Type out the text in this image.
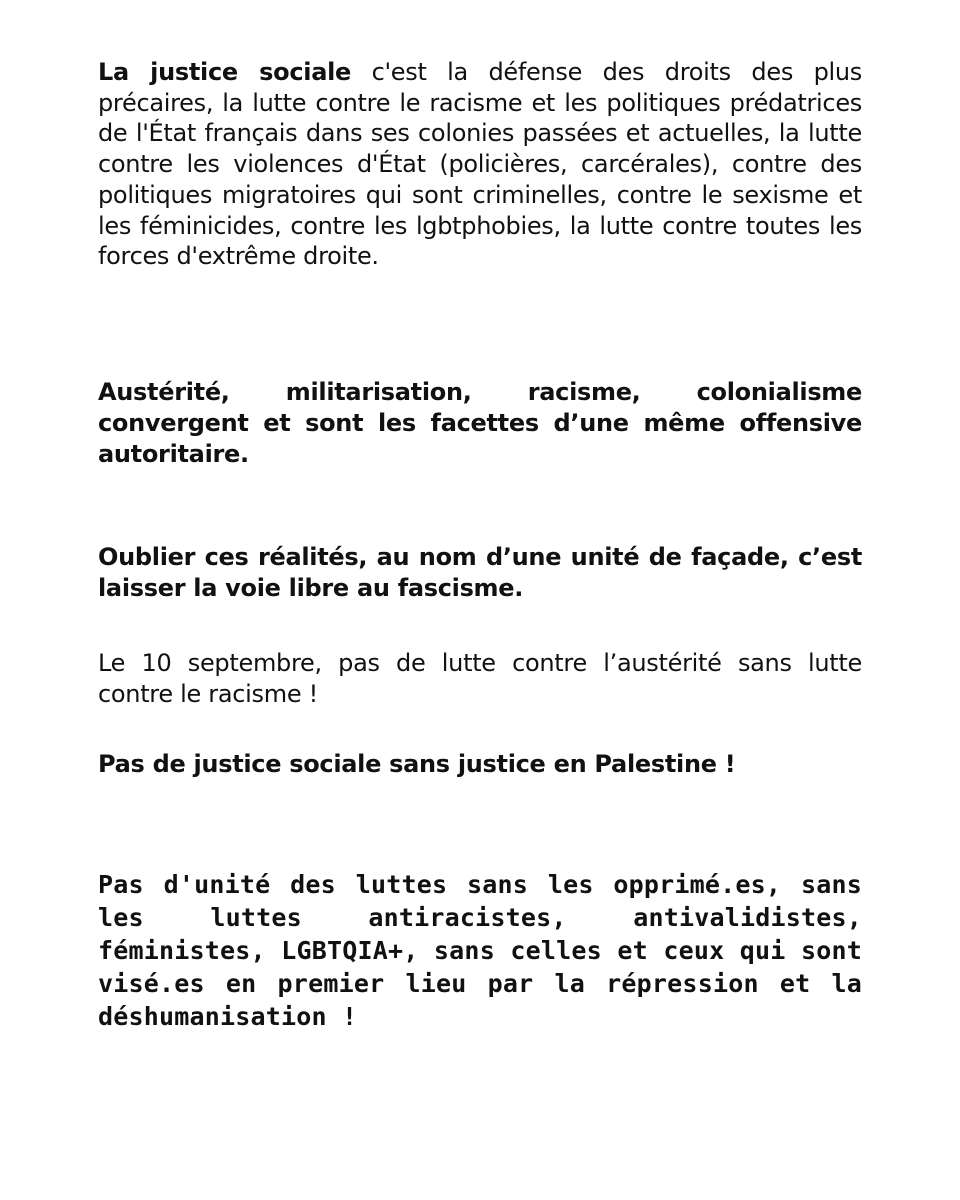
La justice sociale c'est la défense des droits des plus précaires, la lutte contre le racisme et les politiques prédatrices de l'État français dans ses colonies passées et actuelles, la lutte contre les violences d'État (policières, carcérales), contre des politiques migratoires qui sont criminelles, contre le sexisme et les féminicides, contre les lgbtphobies, la lutte contre toutes les forces d'extrême droite.

Austérité, militarisation, racisme, colonialisme convergent et sont les facettes d’une même offensive autoritaire.

Oublier ces réalités, au nom d’une unité de façade, c’est laisser la voie libre au fascisme.

Le 10 septembre, pas de lutte contre l’austérité sans lutte contre le racisme !

Pas de justice sociale sans justice en Palestine !

Pas d'unité des luttes sans les opprimé.es, sans les luttes antiracistes, antivalidistes, féministes, LGBTQIA+, sans celles et ceux qui sont visé.es en premier lieu par la répression et la déshumanisation !
